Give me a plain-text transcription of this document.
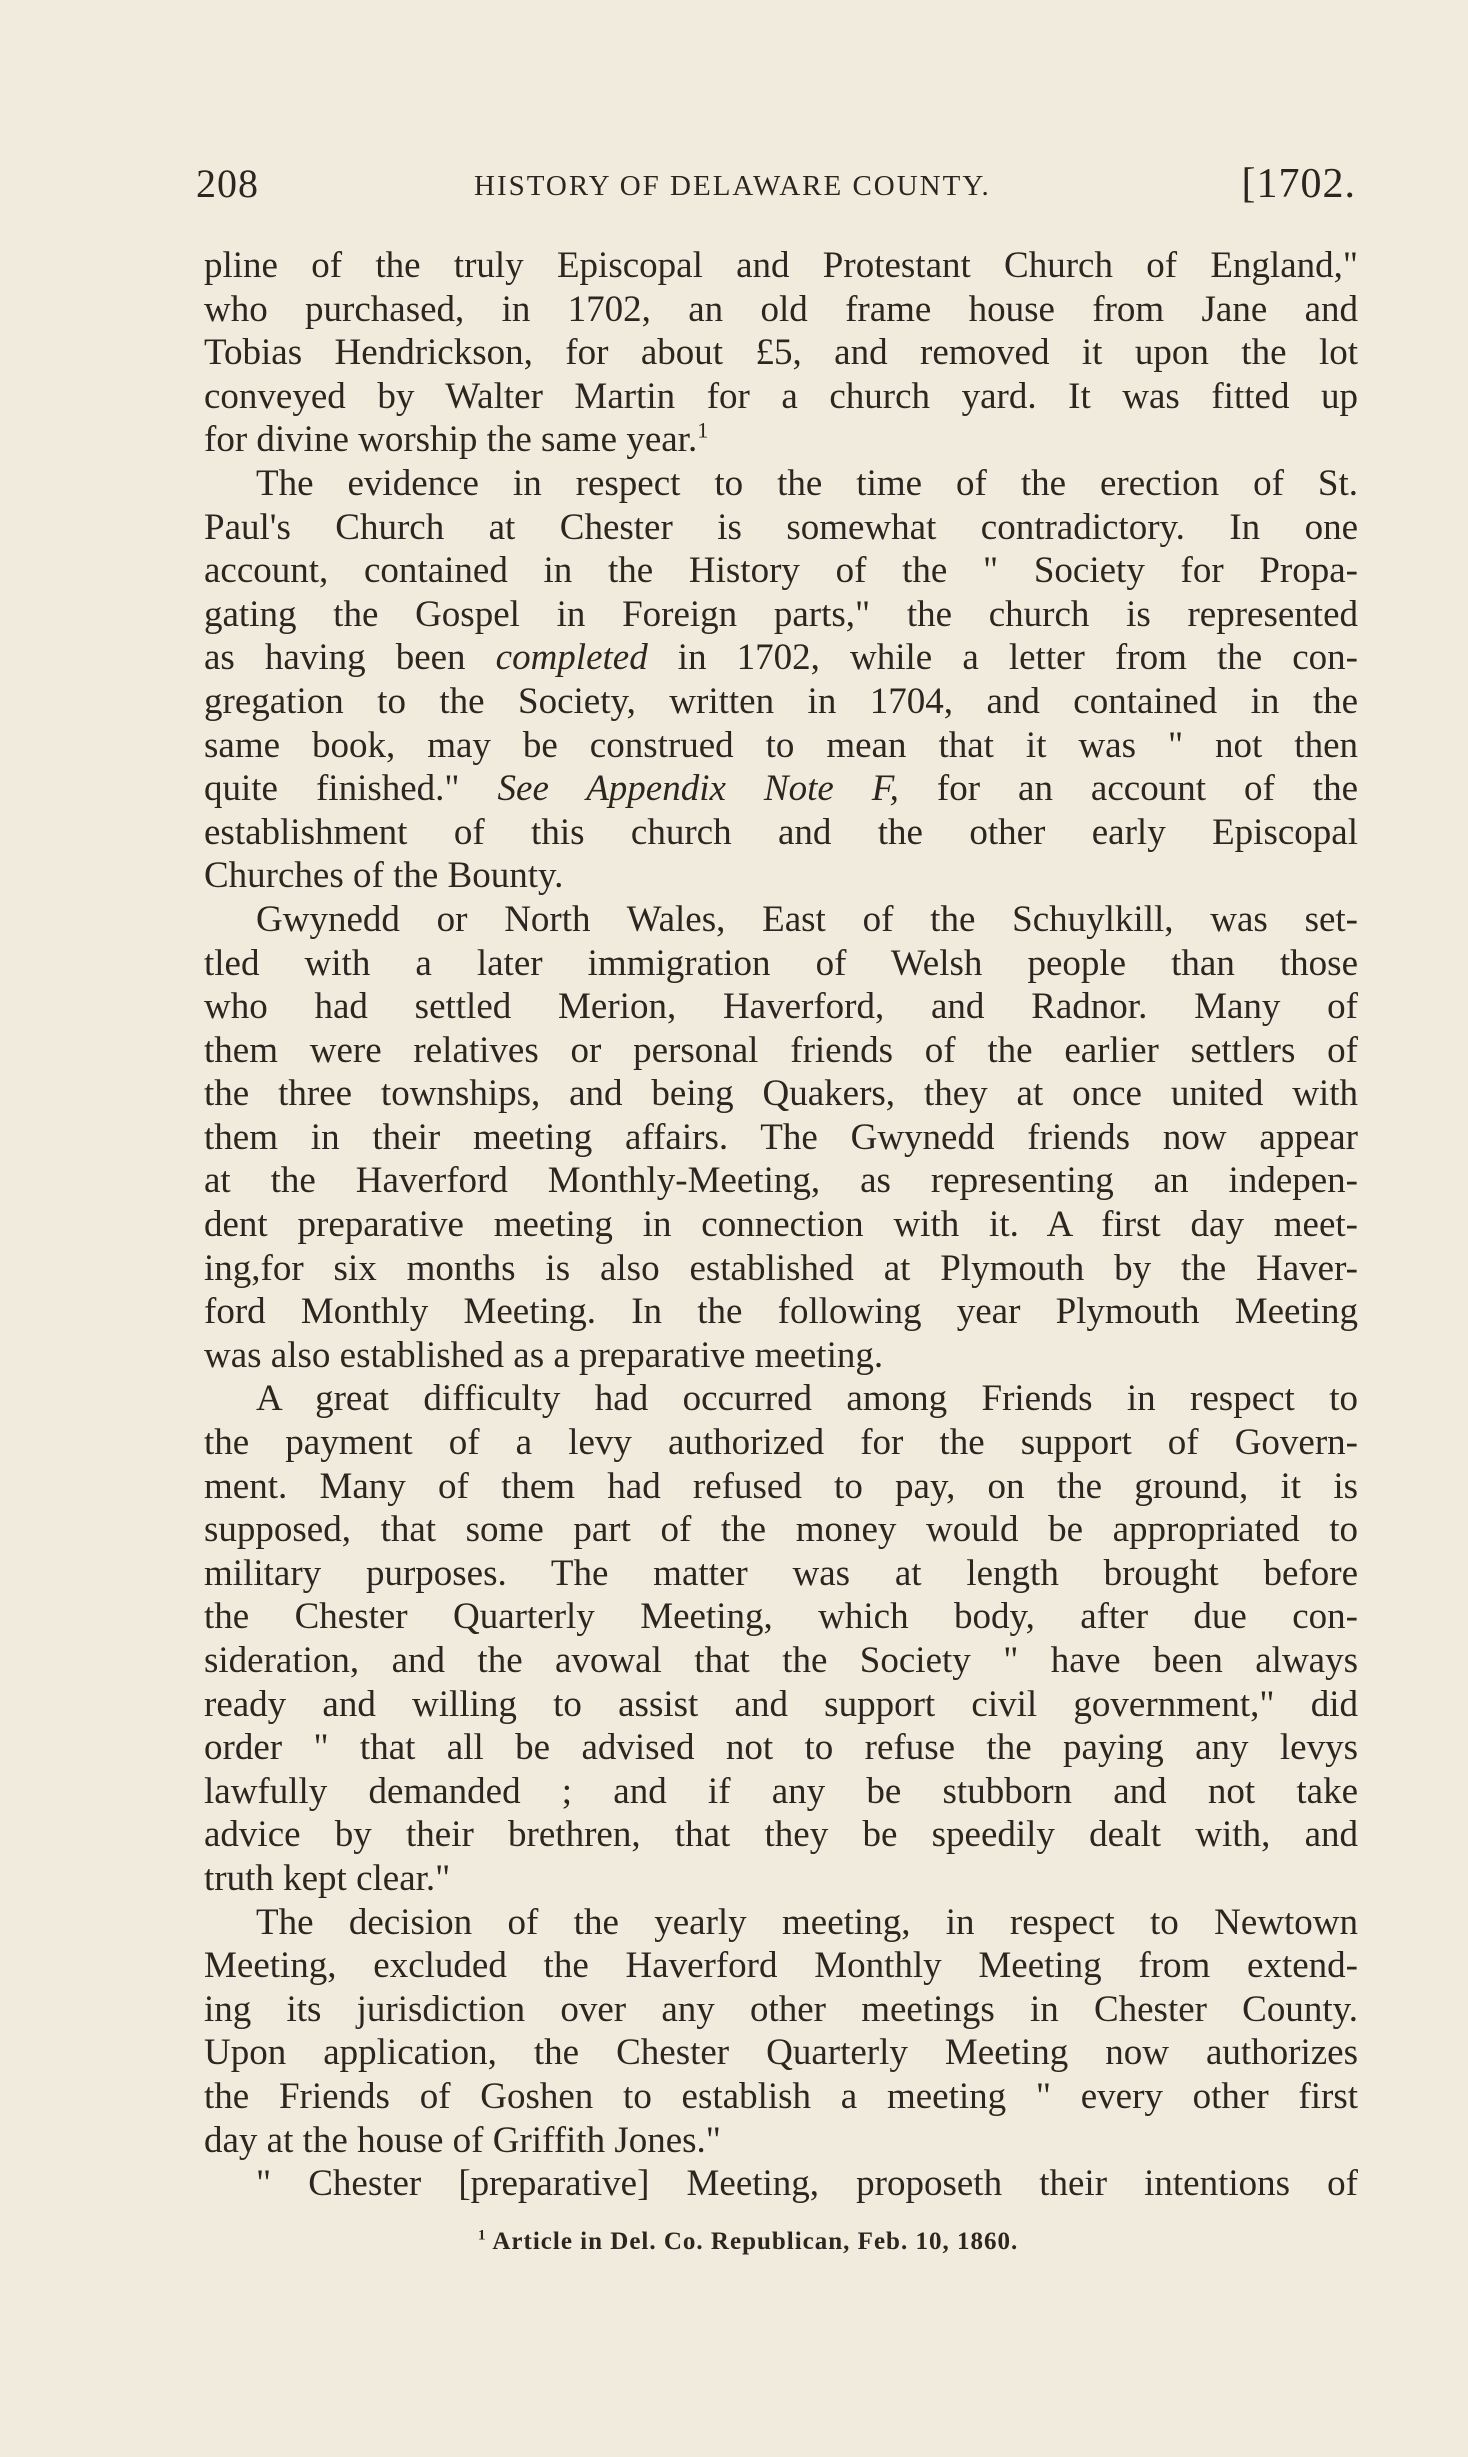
208	HISTORY OF DELAWARE COUNTY.	[1702.
pline of the truly Episcopal and Protestant Church of England,"
who purchased, in 1702, an old frame house from Jane and
Tobias Hendrickson, for about £5, and removed it upon the lot
conveyed by Walter Martin for a church yard. It was fitted up
for divine worship the same year.$^1$
The evidence in respect to the time of the erection of St.
Paul's Church at Chester is somewhat contradictory. In one
account, contained in the History of the " Society for Propa-
gating the Gospel in Foreign parts," the church is represented
as having been completed in 1702, while a letter from the con-
gregation to the Society, written in 1704, and contained in the
same book, may be construed to mean that it was " not then
quite finished." See Appendix Note F, for an account of the
establishment of this church and the other early Episcopal
Churches of the Bounty.
Gwynedd or North Wales, East of the Schuylkill, was set-
tled with a later immigration of Welsh people than those
who had settled Merion, Haverford, and Radnor. Many of
them were relatives or personal friends of the earlier settlers of
the three townships, and being Quakers, they at once united with
them in their meeting affairs. The Gwynedd friends now appear
at the Haverford Monthly-Meeting, as representing an indepen-
dent preparative meeting in connection with it. A first day meet-
ing,for six months is also established at Plymouth by the Haver-
ford Monthly Meeting. In the following year Plymouth Meeting
was also established as a preparative meeting.
A great difficulty had occurred among Friends in respect to
the payment of a levy authorized for the support of Govern-
ment. Many of them had refused to pay, on the ground, it is
supposed, that some part of the money would be appropriated to
military purposes. The matter was at length brought before
the Chester Quarterly Meeting, which body, after due con-
sideration, and the avowal that the Society " have been always
ready and willing to assist and support civil government," did
order " that all be advised not to refuse the paying any levys
lawfully demanded ; and if any be stubborn and not take
advice by their brethren, that they be speedily dealt with, and
truth kept clear."
The decision of the yearly meeting, in respect to Newtown
Meeting, excluded the Haverford Monthly Meeting from extend-
ing its jurisdiction over any other meetings in Chester County.
Upon application, the Chester Quarterly Meeting now authorizes
the Friends of Goshen to establish a meeting " every other first
day at the house of Griffith Jones."
" Chester [preparative] Meeting, proposeth their intentions of
$^1$ Article in Del. Co. Republican, Feb. 10, 1860.
